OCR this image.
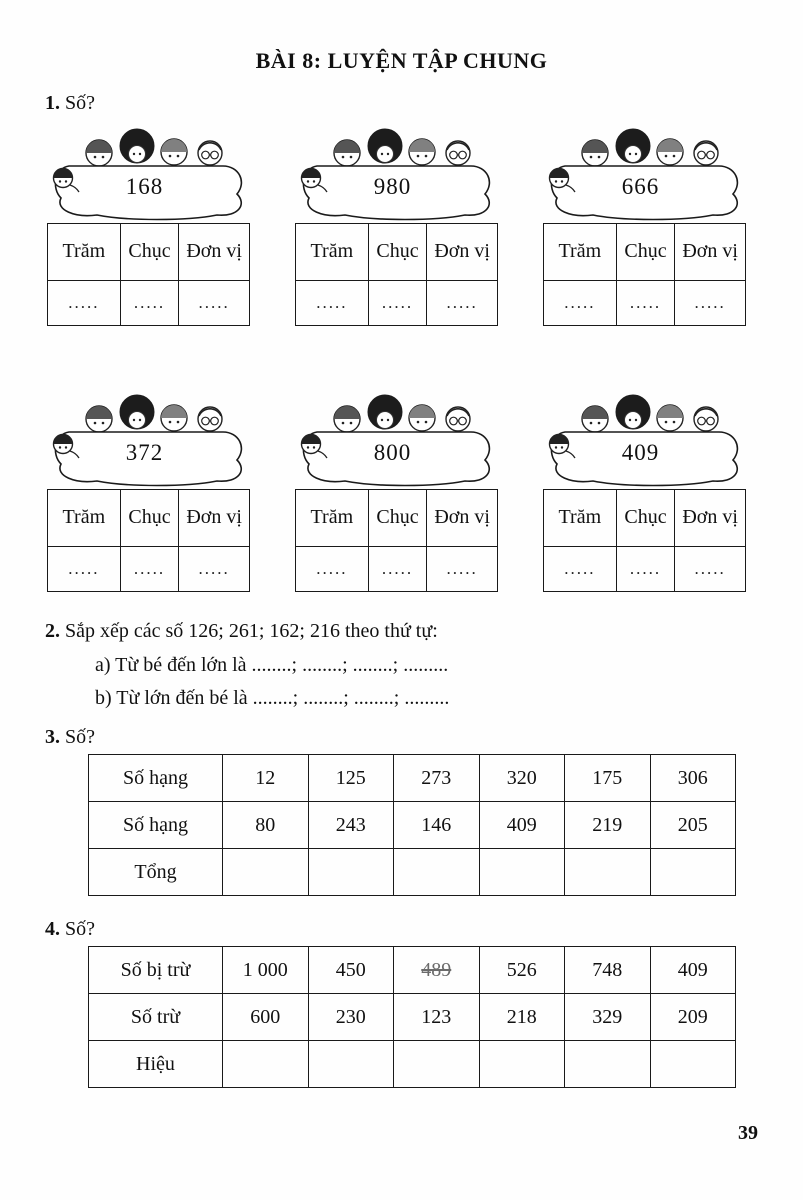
BÀI 8: LUYỆN TẬP CHUNG
1. Số?
168
Trăm	Chục	Đơn vị
.....	.....	.....
980
Trăm	Chục	Đơn vị
.....	.....	.....
666
Trăm	Chục	Đơn vị
.....	.....	.....
372
Trăm	Chục	Đơn vị
.....	.....	.....
800
Trăm	Chục	Đơn vị
.....	.....	.....
409
Trăm	Chục	Đơn vị
.....	.....	.....
2. Sắp xếp các số 126; 261; 162; 216 theo thứ tự:
a) Từ bé đến lớn là ........; ........; ........; .........
b) Từ lớn đến bé là ........; ........; ........; .........
3. Số?
Số hạng	12	125	273	320	175	306
Số hạng	80	243	146	409	219	205
Tổng						
4. Số?
Số bị trừ	1 000	450	489	526	748	409
Số trừ	600	230	123	218	329	209
Hiệu						
39
